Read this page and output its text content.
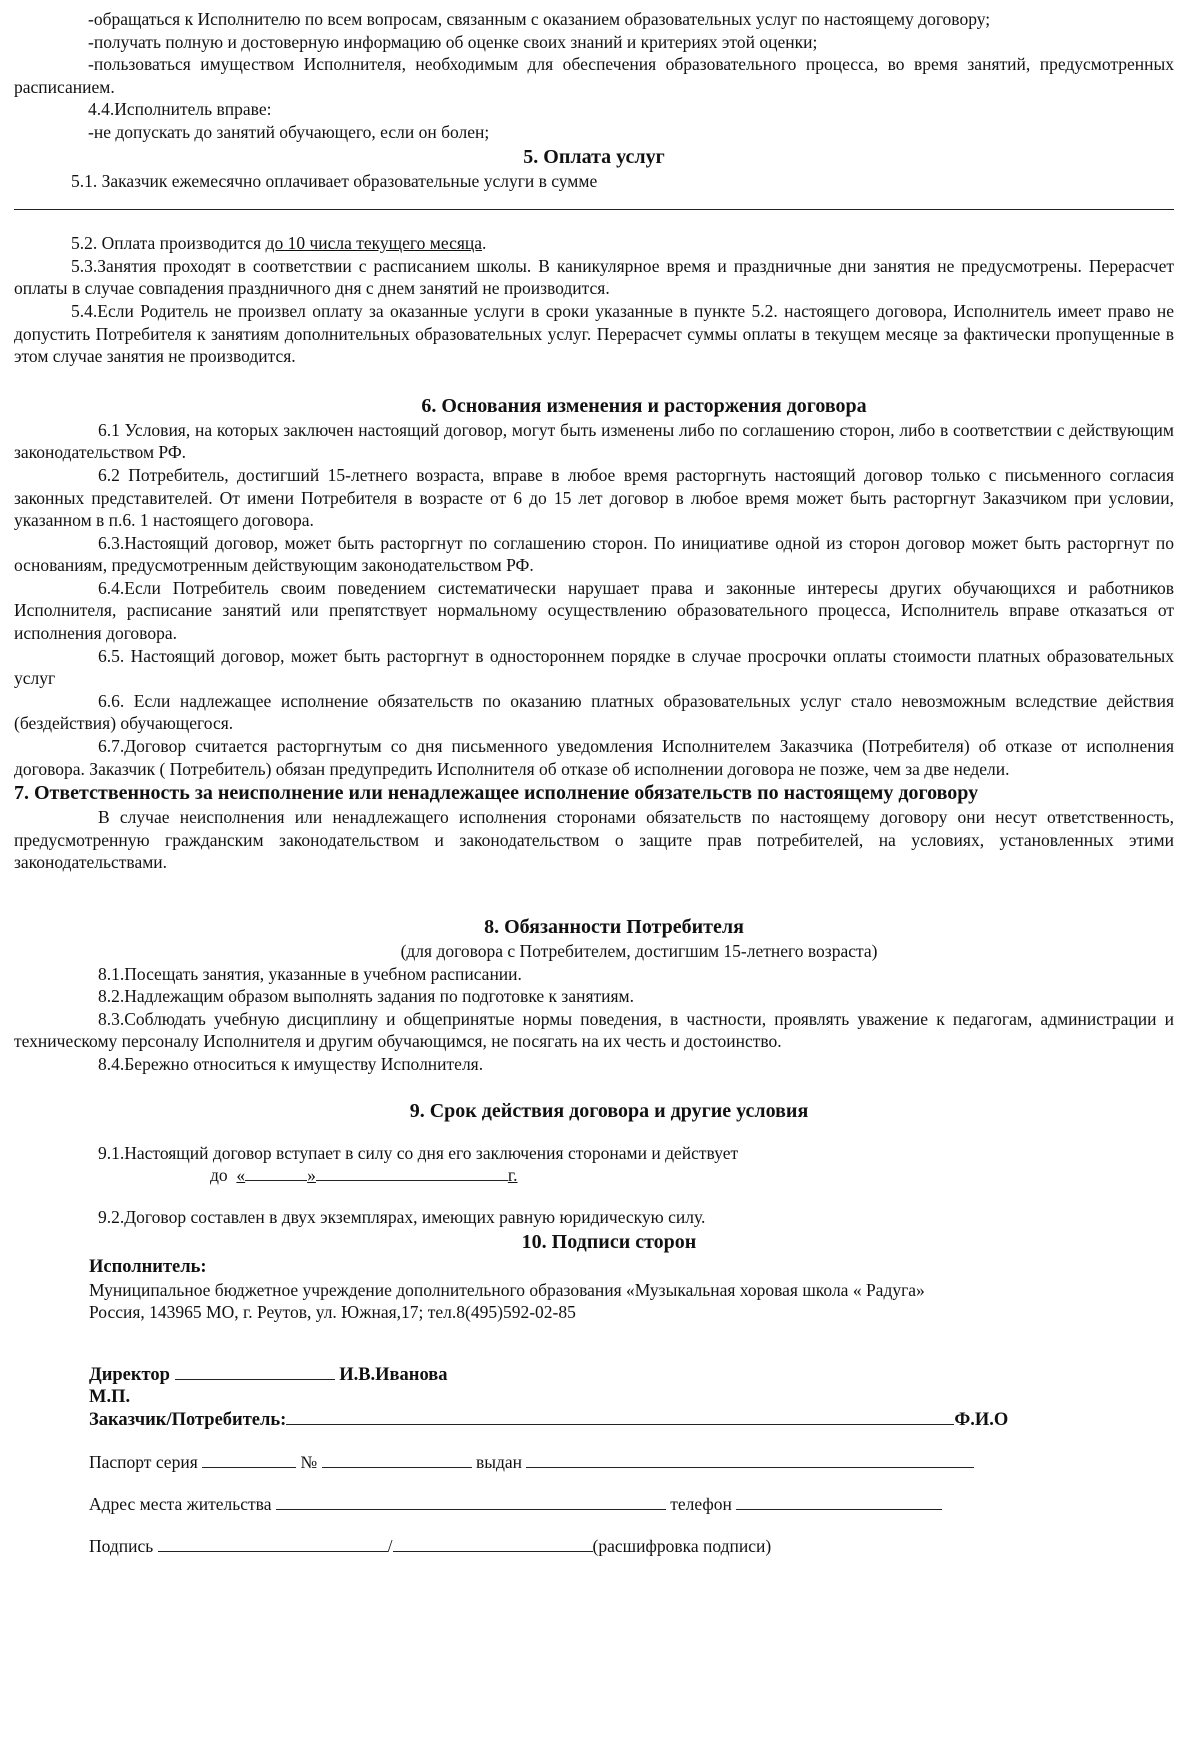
-обращаться к Исполнителю по всем вопросам, связанным с оказанием образовательных услуг по настоящему договору;

-получать полную и достоверную информацию об оценке своих знаний и критериях этой оценки;

-пользоваться имуществом Исполнителя, необходимым для обеспечения образовательного процесса, во время занятий, предусмотренных расписанием.

4.4.Исполнитель вправе:

-не допускать до занятий обучающего, если он болен;

5. Оплата услуг

5.1. Заказчик ежемесячно оплачивает образовательные услуги в сумме

5.2. Оплата производится до 10 числа текущего месяца.

5.3.Занятия проходят в соответствии с расписанием школы. В каникулярное время и праздничные дни занятия не предусмотрены. Перерасчет оплаты в случае совпадения праздничного дня с днем занятий не производится.

5.4.Если Родитель не произвел оплату за оказанные услуги в сроки указанные в пункте 5.2. настоящего договора, Исполнитель имеет право не допустить Потребителя к занятиям дополнительных образовательных услуг. Перерасчет суммы оплаты в текущем месяце за фактически пропущенные в этом случае занятия не производится.

6. Основания изменения и расторжения договора

6.1 Условия, на которых заключен настоящий договор, могут быть изменены либо по соглашению сторон, либо в соответствии с действующим законодательством РФ.

6.2 Потребитель, достигший 15-летнего возраста, вправе в любое время расторгнуть настоящий договор только с письменного согласия законных представителей. От имени Потребителя в возрасте от 6 до 15 лет договор в любое время может быть расторгнут Заказчиком при условии, указанном в п.6. 1 настоящего договора.

6.3.Настоящий договор, может быть расторгнут по соглашению сторон. По инициативе одной из сторон договор может быть расторгнут по основаниям, предусмотренным действующим законодательством РФ.

6.4.Если Потребитель своим поведением систематически нарушает права и законные интересы других обучающихся и работников Исполнителя, расписание занятий или препятствует нормальному осуществлению образовательного процесса, Исполнитель вправе отказаться от исполнения договора.

6.5. Настоящий договор, может быть расторгнут в одностороннем порядке в случае просрочки оплаты стоимости платных образовательных услуг

6.6. Если надлежащее исполнение обязательств по оказанию платных образовательных услуг стало невозможным вследствие действия (бездействия) обучающегося.

6.7.Договор считается расторгнутым со дня письменного уведомления Исполнителем Заказчика (Потребителя) об отказе от исполнения договора. Заказчик ( Потребитель) обязан предупредить Исполнителя об отказе об исполнении договора не позже, чем за две недели.

7. Ответственность за неисполнение или ненадлежащее исполнение обязательств по настоящему договору

В случае неисполнения или ненадлежащего исполнения сторонами обязательств по настоящему договору они несут ответственность, предусмотренную гражданским законодательством и законодательством о защите прав потребителей, на условиях, установленных этими законодательствами.

8. Обязанности Потребителя

(для договора с Потребителем, достигшим 15-летнего возраста)

8.1.Посещать занятия, указанные в учебном расписании.

8.2.Надлежащим образом выполнять задания по подготовке к занятиям.

8.3.Соблюдать учебную дисциплину и общепринятые нормы поведения, в частности, проявлять уважение к педагогам, администрации и техническому персоналу Исполнителя и другим обучающимся, не посягать на их честь и достоинство.

8.4.Бережно относиться к имуществу Исполнителя.

9. Срок действия договора и другие условия

9.1.Настоящий договор вступает в силу со дня его заключения сторонами и действует

до «	»	г.

9.2.Договор составлен в двух экземплярах, имеющих равную юридическую силу.

10. Подписи сторон
Исполнитель:
Муниципальное бюджетное учреждение дополнительного образования «Музыкальная хоровая школа « Радуга»
Россия, 143965 МО, г. Реутов, ул. Южная,17; тел.8(495)592-02-85
Директор	И.В.Иванова
М.П.
Заказчик/Потребитель:	Ф.И.О
Паспорт серия	№	выдан
Адрес места жительства	телефон
Подпись	/	(расшифровка подписи)
